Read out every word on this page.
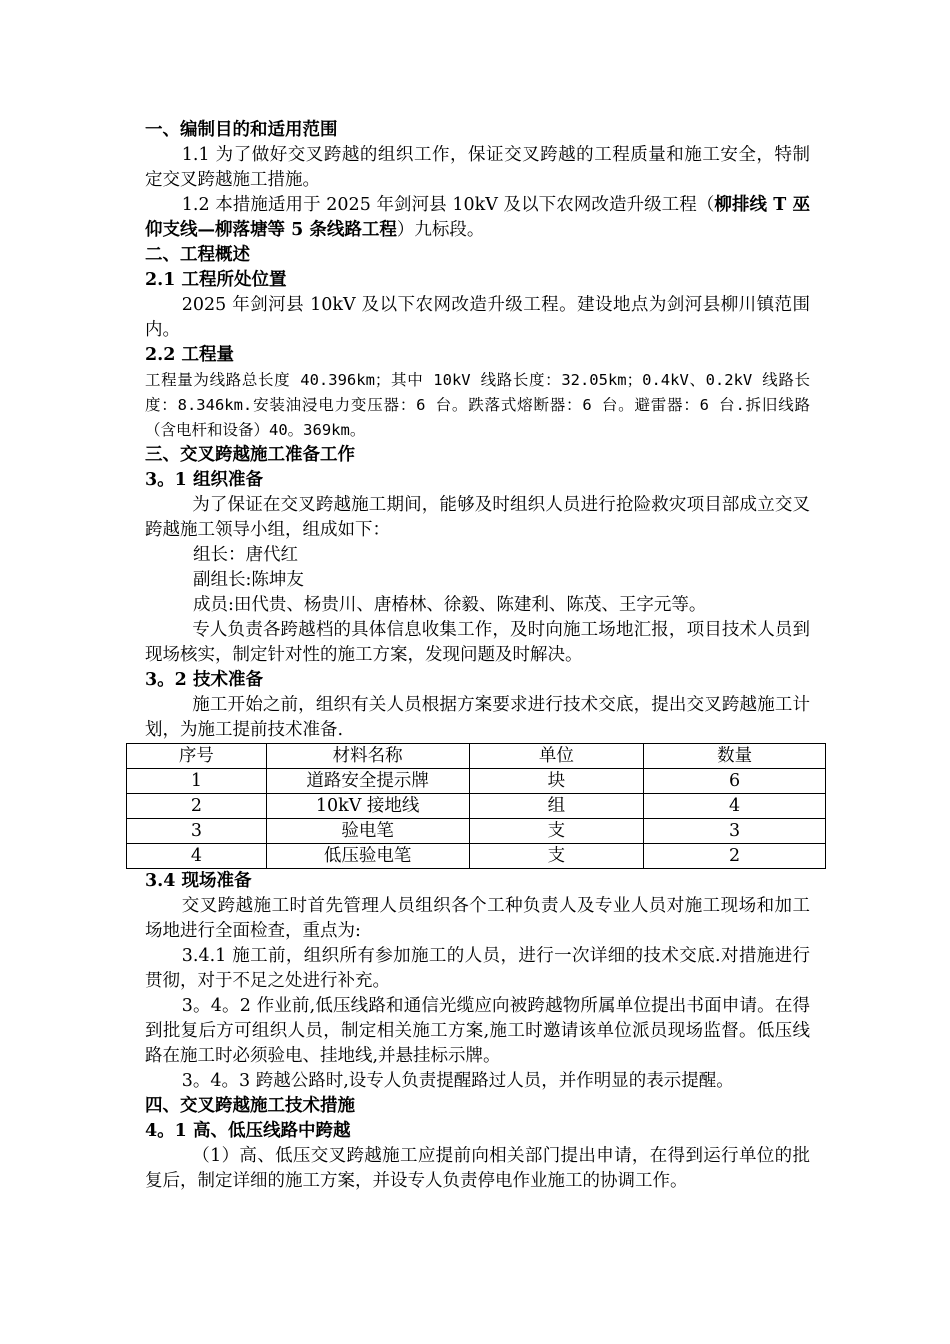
一、编制目的和适用范围

1.1 为了做好交叉跨越的组织工作，保证交叉跨越的工程质量和施工安全，特制定交叉跨越施工措施。

1.2 本措施适用于 2025 年剑河县 10kV 及以下农网改造升级工程（柳排线 T 巫仰支线—柳落塘等 5 条线路工程）九标段。

二、工程概述

2.1 工程所处位置

2025 年剑河县 10kV 及以下农网改造升级工程。建设地点为剑河县柳川镇范围内。

2.2 工程量

工程量为线路总长度 40.396km；其中 10kV 线路长度：32.05km；0.4kV、0.2kV 线路长度：8.346km.安装油浸电力变压器：6 台。跌落式熔断器：6 台。避雷器：6 台.拆旧线路（含电杆和设备）40。369km。

三、交叉跨越施工准备工作

3。1 组织准备

为了保证在交叉跨越施工期间，能够及时组织人员进行抢险救灾项目部成立交叉跨越施工领导小组，组成如下：

组长：唐代红

副组长:陈坤友

成员:田代贵、杨贵川、唐椿林、徐毅、陈建利、陈茂、王字元等。

专人负责各跨越档的具体信息收集工作，及时向施工场地汇报，项目技术人员到现场核实，制定针对性的施工方案，发现问题及时解决。

3。2 技术准备

施工开始之前，组织有关人员根据方案要求进行技术交底，提出交叉跨越施工计划，为施工提前技术准备.

序号	材料名称	单位	数量
1	道路安全提示牌	块	6
2	10kV 接地线	组	4
3	验电笔	支	3
4	低压验电笔	支	2

3.4 现场准备

交叉跨越施工时首先管理人员组织各个工种负责人及专业人员对施工现场和加工场地进行全面检查，重点为:

3.4.1 施工前，组织所有参加施工的人员，进行一次详细的技术交底.对措施进行贯彻，对于不足之处进行补充。

3。4。2 作业前,低压线路和通信光缆应向被跨越物所属单位提出书面申请。在得到批复后方可组织人员，制定相关施工方案,施工时邀请该单位派员现场监督。低压线路在施工时必须验电、挂地线,并悬挂标示牌。

3。4。3 跨越公路时,设专人负责提醒路过人员，并作明显的表示提醒。

四、交叉跨越施工技术措施

4。1 高、低压线路中跨越

（1）高、低压交叉跨越施工应提前向相关部门提出申请，在得到运行单位的批复后，制定详细的施工方案，并设专人负责停电作业施工的协调工作。
